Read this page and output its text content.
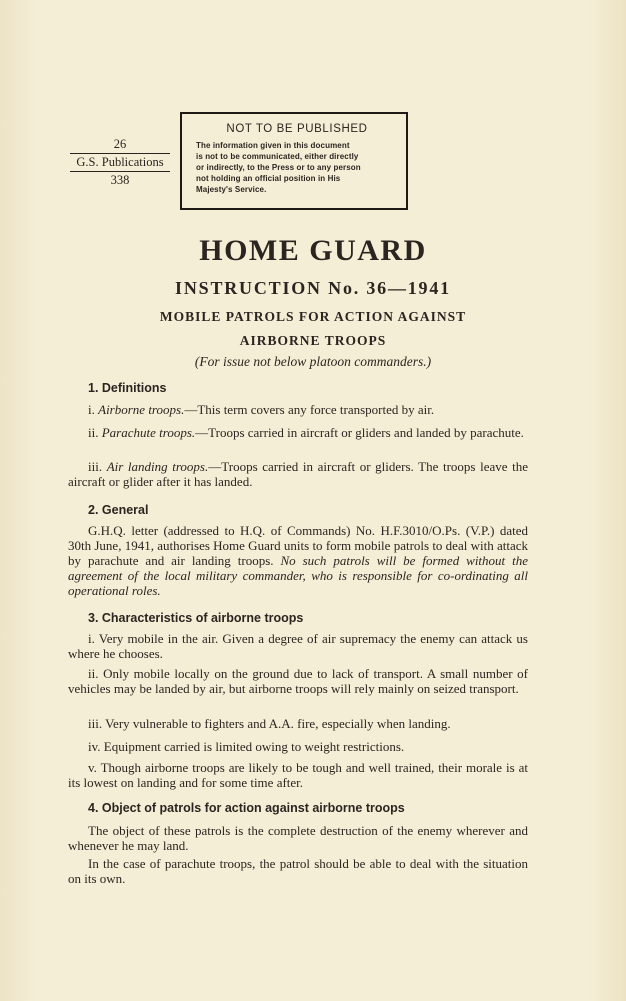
26
G.S. Publications
338
NOT TO BE PUBLISHED
The information given in this document
is not to be communicated, either directly
or indirectly, to the Press or to any person
not holding an official position in His
Majesty's Service.
HOME GUARD
INSTRUCTION No. 36—1941
MOBILE PATROLS FOR ACTION AGAINST
AIRBORNE TROOPS
(For issue not below platoon commanders.)
1. Definitions
i. Airborne troops.—This term covers any force transported by air.
ii. Parachute troops.—Troops carried in aircraft or gliders and landed by parachute.
iii. Air landing troops.—Troops carried in aircraft or gliders. The troops leave the aircraft or glider after it has landed.
2. General
G.H.Q. letter (addressed to H.Q. of Commands) No. H.F.3010/O.Ps. (V.P.) dated 30th June, 1941, authorises Home Guard units to form mobile patrols to deal with attack by parachute and air landing troops. No such patrols will be formed without the agreement of the local military commander, who is responsible for co-ordinating all operational roles.
3. Characteristics of airborne troops
i. Very mobile in the air. Given a degree of air supremacy the enemy can attack us where he chooses.
ii. Only mobile locally on the ground due to lack of transport. A small number of vehicles may be landed by air, but airborne troops will rely mainly on seized transport.
iii. Very vulnerable to fighters and A.A. fire, especially when landing.
iv. Equipment carried is limited owing to weight restrictions.
v. Though airborne troops are likely to be tough and well trained, their morale is at its lowest on landing and for some time after.
4. Object of patrols for action against airborne troops
The object of these patrols is the complete destruction of the enemy wherever and whenever he may land.
In the case of parachute troops, the patrol should be able to deal with the situation on its own.
